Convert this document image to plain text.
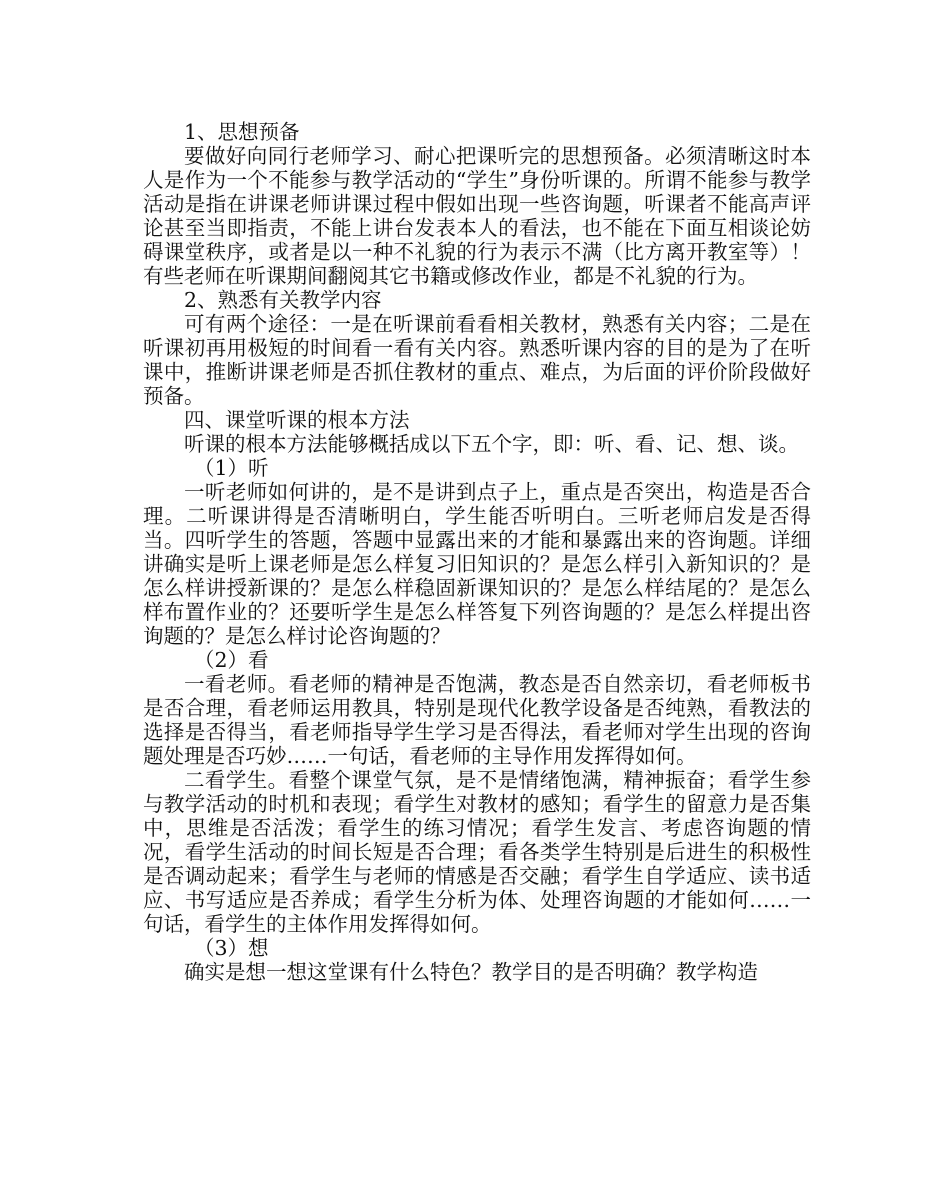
1、思想预备

要做好向同行老师学习、耐心把课听完的思想预备。必须清晰这时本人是作为一个不能参与教学活动的“学生”身份听课的。所谓不能参与教学活动是指在讲课老师讲课过程中假如出现一些咨询题，听课者不能高声评论甚至当即指责，不能上讲台发表本人的看法，也不能在下面互相谈论妨碍课堂秩序，或者是以一种不礼貌的行为表示不满（比方离开教室等）！有些老师在听课期间翻阅其它书籍或修改作业，都是不礼貌的行为。

2、熟悉有关教学内容

可有两个途径：一是在听课前看看相关教材，熟悉有关内容；二是在听课初再用极短的时间看一看有关内容。熟悉听课内容的目的是为了在听课中，推断讲课老师是否抓住教材的重点、难点，为后面的评价阶段做好预备。

四、课堂听课的根本方法

听课的根本方法能够概括成以下五个字，即：听、看、记、想、谈。

（1）听

一听老师如何讲的，是不是讲到点子上，重点是否突出，构造是否合理。二听课讲得是否清晰明白，学生能否听明白。三听老师启发是否得当。四听学生的答题，答题中显露出来的才能和暴露出来的咨询题。详细讲确实是听上课老师是怎么样复习旧知识的？是怎么样引入新知识的？是怎么样讲授新课的？是怎么样稳固新课知识的？是怎么样结尾的？是怎么样布置作业的？还要听学生是怎么样答复下列咨询题的？是怎么样提出咨询题的？是怎么样讨论咨询题的？

（2）看

一看老师。看老师的精神是否饱满，教态是否自然亲切，看老师板书是否合理，看老师运用教具，特别是现代化教学设备是否纯熟，看教法的选择是否得当，看老师指导学生学习是否得法，看老师对学生出现的咨询题处理是否巧妙……一句话，看老师的主导作用发挥得如何。

二看学生。看整个课堂气氛，是不是情绪饱满，精神振奋；看学生参与教学活动的时机和表现；看学生对教材的感知；看学生的留意力是否集中，思维是否活泼；看学生的练习情况；看学生发言、考虑咨询题的情况，看学生活动的时间长短是否合理；看各类学生特别是后进生的积极性是否调动起来；看学生与老师的情感是否交融；看学生自学适应、读书适应、书写适应是否养成；看学生分析为体、处理咨询题的才能如何……一句话，看学生的主体作用发挥得如何。

（3）想

确实是想一想这堂课有什么特色？教学目的是否明确？教学构造
